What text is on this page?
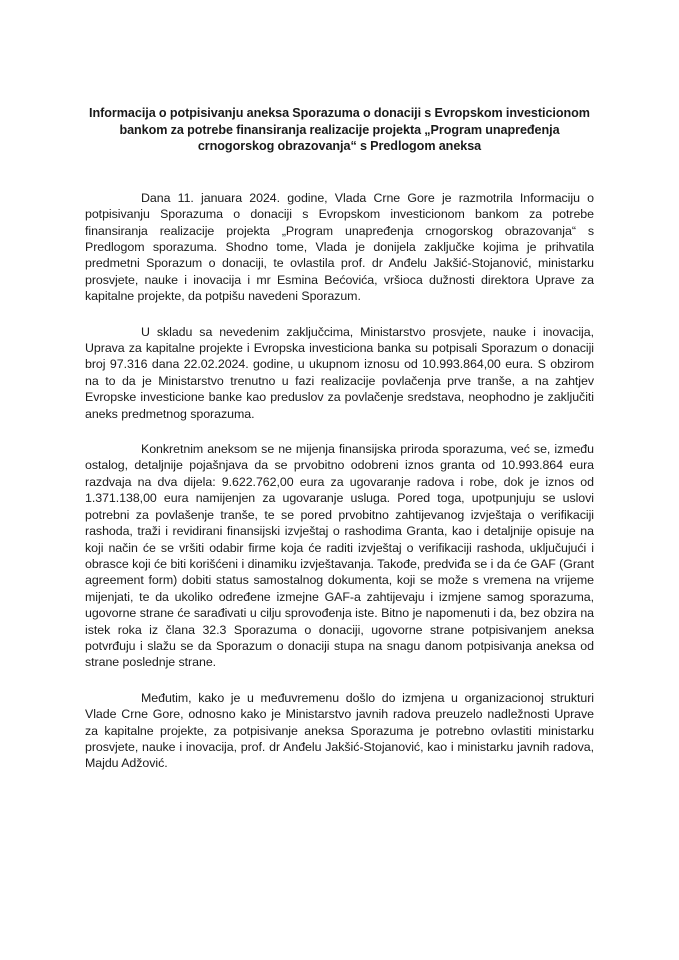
Informacija o potpisivanju aneksa Sporazuma o donaciji s Evropskom investicionom bankom za potrebe finansiranja realizacije projekta „Program unapređenja crnogorskog obrazovanja“ s Predlogom aneksa

Dana 11. januara 2024. godine, Vlada Crne Gore je razmotrila Informaciju o potpisivanju Sporazuma o donaciji s Evropskom investicionom bankom za potrebe finansiranja realizacije projekta „Program unapređenja crnogorskog obrazovanja“ s Predlogom sporazuma. Shodno tome, Vlada je donijela zaključke kojima je prihvatila predmetni Sporazum o donaciji, te ovlastila prof. dr Anđelu Jakšić-Stojanović, ministarku prosvjete, nauke i inovacija i mr Esmina Bećovića, vršioca dužnosti direktora Uprave za kapitalne projekte, da potpišu navedeni Sporazum.

U skladu sa nevedenim zaključcima, Ministarstvo prosvjete, nauke i inovacija, Uprava za kapitalne projekte i Evropska investiciona banka su potpisali Sporazum o donaciji broj 97.316 dana 22.02.2024. godine, u ukupnom iznosu od 10.993.864,00 eura. S obzirom na to da je Ministarstvo trenutno u fazi realizacije povlačenja prve tranše, a na zahtjev Evropske investicione banke kao preduslov za povlačenje sredstava, neophodno je zaključiti aneks predmetnog sporazuma.

Konkretnim aneksom se ne mijenja finansijska priroda sporazuma, već se, između ostalog, detaljnije pojašnjava da se prvobitno odobreni iznos granta od 10.993.864 eura razdvaja na dva dijela: 9.622.762,00 eura za ugovaranje radova i robe, dok je iznos od 1.371.138,00 eura namijenjen za ugovaranje usluga. Pored toga, upotpunjuju se uslovi potrebni za povlašenje tranše, te se pored prvobitno zahtijevanog izvještaja o verifikaciji rashoda, traži i revidirani finansijski izvještaj o rashodima Granta, kao i detaljnije opisuje na koji način će se vršiti odabir firme koja će raditi izvještaj o verifikaciji rashoda, uključujući i obrasce koji će biti korišćeni i dinamiku izvještavanja. Takođe, predviđa se i da će GAF (Grant agreement form) dobiti status samostalnog dokumenta, koji se može s vremena na vrijeme mijenjati, te da ukoliko određene izmejne GAF-a zahtijevaju i izmjene samog sporazuma, ugovorne strane će sarađivati u cilju sprovođenja iste. Bitno je napomenuti i da, bez obzira na istek roka iz člana 32.3 Sporazuma o donaciji, ugovorne strane potpisivanjem aneksa potvrđuju i slažu se da Sporazum o donaciji stupa na snagu danom potpisivanja aneksa od strane poslednje strane.

Međutim, kako je u međuvremenu došlo do izmjena u organizacionoj strukturi Vlade Crne Gore, odnosno kako je Ministarstvo javnih radova preuzelo nadležnosti Uprave za kapitalne projekte, za potpisivanje aneksa Sporazuma je potrebno ovlastiti ministarku prosvjete, nauke i inovacija, prof. dr Anđelu Jakšić-Stojanović, kao i ministarku javnih radova, Majdu Adžović.
